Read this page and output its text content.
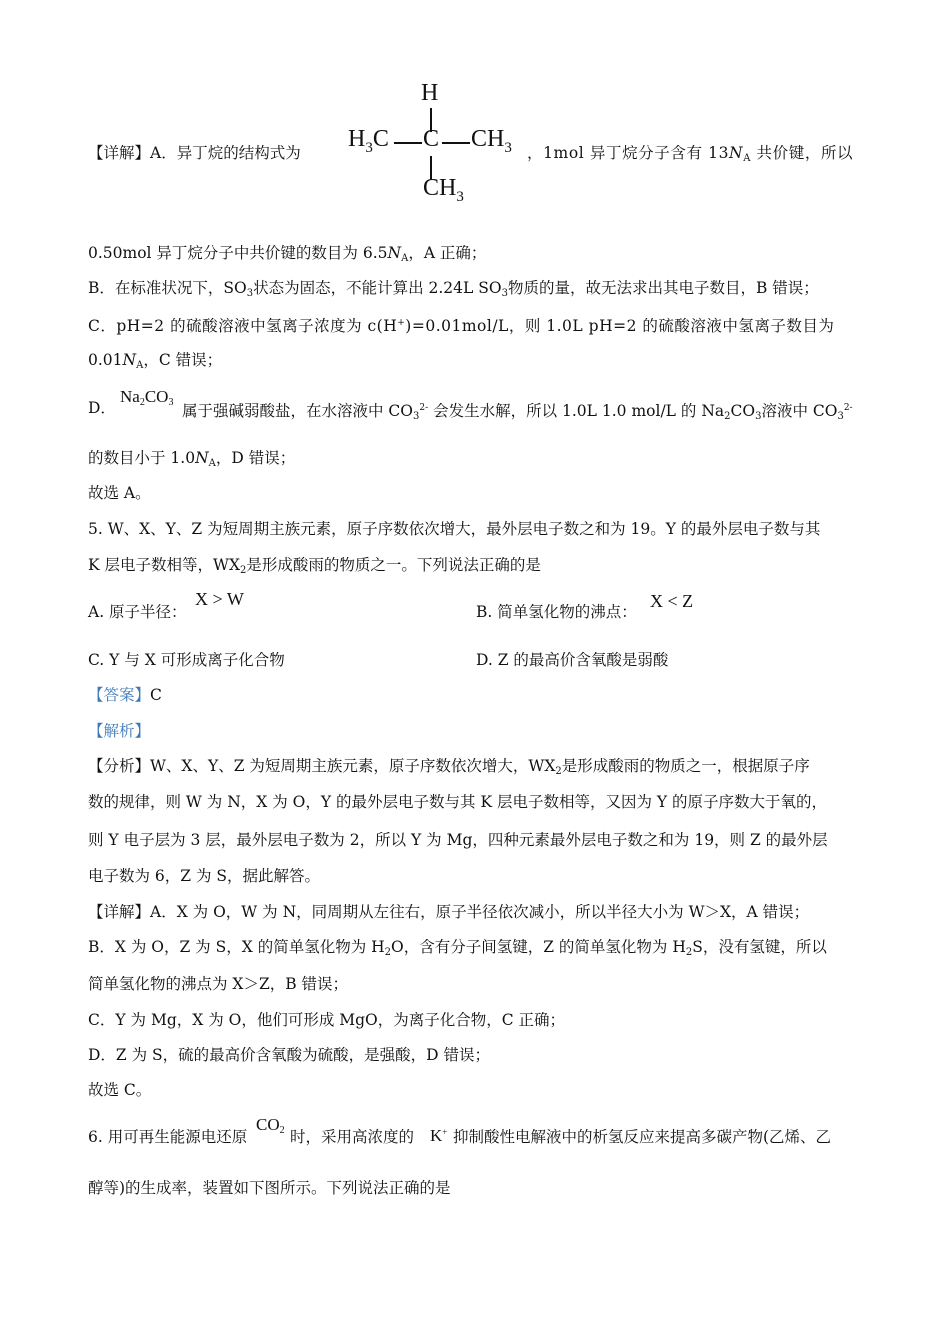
H
$H_3C$ C $CH_3$
$CH_3$
【详解】A．异丁烷的结构式为	，1mol 异丁烷分子含有 $13N_A$ 共价键，所以
0.50mol 异丁烷分子中共价键的数目为 $6.5N_A$，A 正确；
B．在标准状况下，$SO_3$状态为固态，不能计算出 2.24L $SO_3$物质的量，故无法求出其电子数目，B 错误；
C．pH=2 的硫酸溶液中氢离子浓度为 c(H+)=0.01mol/L，则 1.0L pH=2 的硫酸溶液中氢离子数目为
$0.01N_A$，C 错误；
D．
$Na_2CO_3$ 属于强碱弱酸盐，在水溶液中 $CO_3^{2-}$ 会发生水解，所以 1.0L 1.0 mol/L 的 $Na_2CO_3$溶液中 $CO_3^{2-}$
的数目小于 $1.0N_A$，D 错误；
故选 A。
5. W、X、Y、Z 为短周期主族元素，原子序数依次增大，最外层电子数之和为 19。Y 的最外层电子数与其
K 层电子数相等，$WX_2$是形成酸雨的物质之一。下列说法正确的是
A. 原子半径：
X > W
B. 简单氢化物的沸点：
X < Z
C. Y 与 X 可形成离子化合物	D. Z 的最高价含氧酸是弱酸
【答案】C
【解析】
【分析】W、X、Y、Z 为短周期主族元素，原子序数依次增大，$WX_2$是形成酸雨的物质之一，根据原子序
数的规律，则 W 为 N，X 为 O，Y 的最外层电子数与其 K 层电子数相等，又因为 Y 的原子序数大于氧的，
则 Y 电子层为 3 层，最外层电子数为 2，所以 Y 为 Mg，四种元素最外层电子数之和为 19，则 Z 的最外层
电子数为 6，Z 为 S，据此解答。
【详解】A．X 为 O，W 为 N，同周期从左往右，原子半径依次减小，所以半径大小为 W＞X，A 错误；
B．X 为 O，Z 为 S，X 的简单氢化物为 $H_2O$，含有分子间氢键，Z 的简单氢化物为 $H_2S$，没有氢键，所以
简单氢化物的沸点为 X＞Z，B 错误；
C．Y 为 Mg，X 为 O，他们可形成 MgO，为离子化合物，C 正确；
D．Z 为 S，硫的最高价含氧酸为硫酸，是强酸，D 错误；
故选 C。
6. 用可再生能源电还原
$CO_2$ 时，采用高浓度的 K+ 抑制酸性电解液中的析氢反应来提高多碳产物(乙烯、乙
醇等)的生成率，装置如下图所示。下列说法正确的是
